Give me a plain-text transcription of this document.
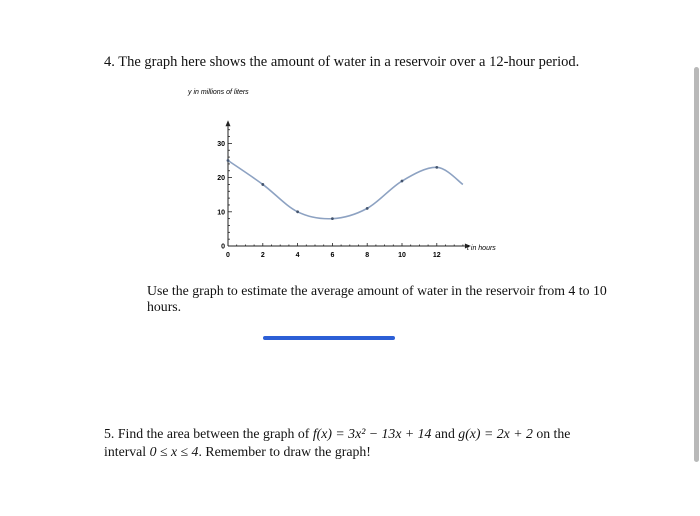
4. The graph here shows the amount of water in a reservoir over a 12-hour period.

y in millions of liters
0
10
20
30
0	2	4	6	8	10	12
t in hours

Use the graph to estimate the average amount of water in the reservoir from 4 to 10 hours.

5. Find the area between the graph of f(x) = 3x² − 13x + 14 and g(x) = 2x + 2 on the
interval 0 ≤ x ≤ 4. Remember to draw the graph!
